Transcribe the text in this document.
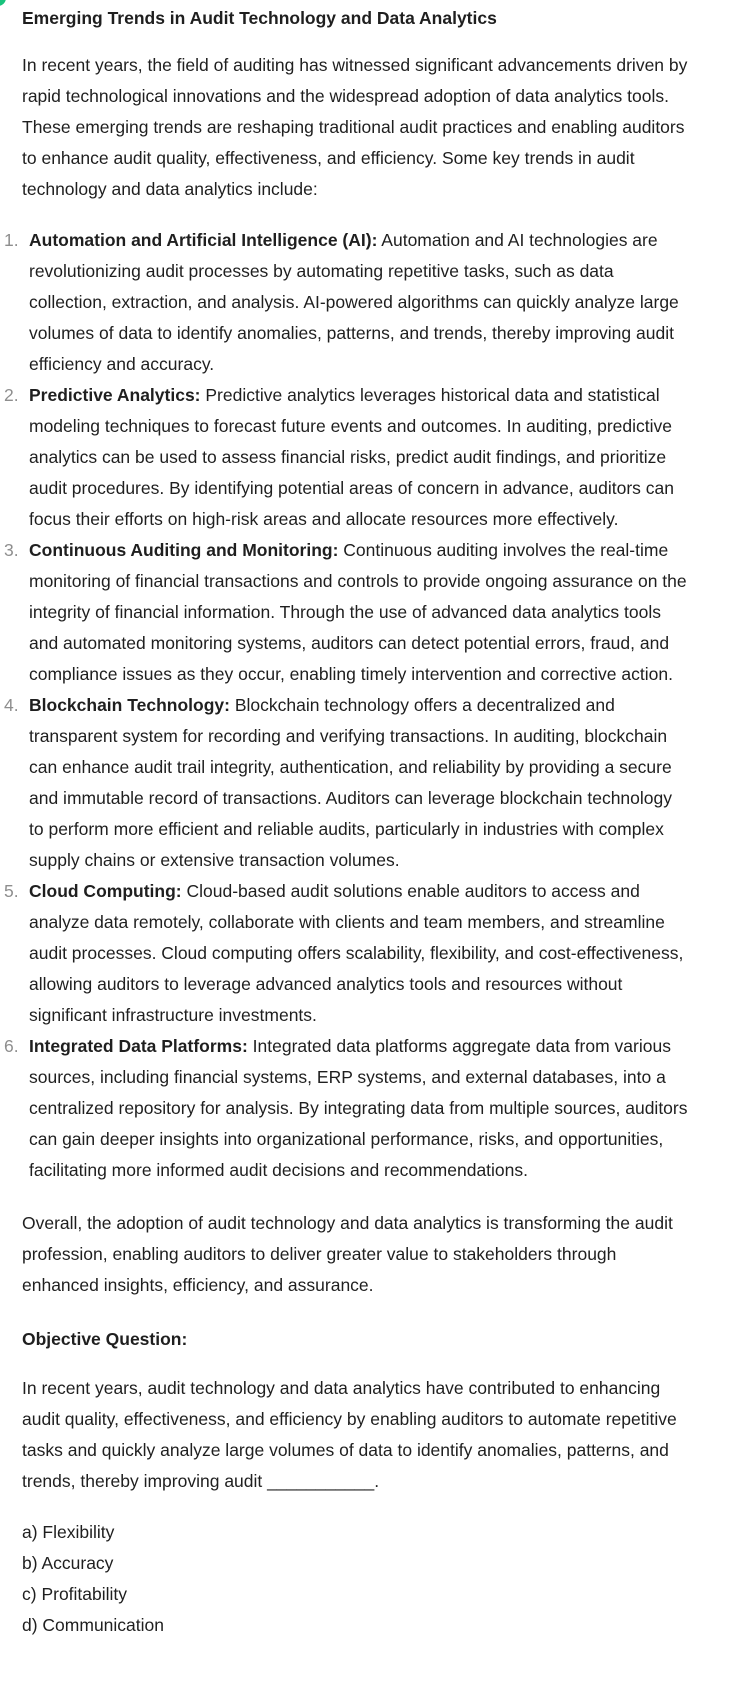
Emerging Trends in Audit Technology and Data Analytics

In recent years, the field of auditing has witnessed significant advancements driven by rapid technological innovations and the widespread adoption of data analytics tools. These emerging trends are reshaping traditional audit practices and enabling auditors to enhance audit quality, effectiveness, and efficiency. Some key trends in audit technology and data analytics include:

1. Automation and Artificial Intelligence (AI): Automation and AI technologies are revolutionizing audit processes by automating repetitive tasks, such as data collection, extraction, and analysis. AI-powered algorithms can quickly analyze large volumes of data to identify anomalies, patterns, and trends, thereby improving audit efficiency and accuracy.
2. Predictive Analytics: Predictive analytics leverages historical data and statistical modeling techniques to forecast future events and outcomes. In auditing, predictive analytics can be used to assess financial risks, predict audit findings, and prioritize audit procedures. By identifying potential areas of concern in advance, auditors can focus their efforts on high-risk areas and allocate resources more effectively.
3. Continuous Auditing and Monitoring: Continuous auditing involves the real-time monitoring of financial transactions and controls to provide ongoing assurance on the integrity of financial information. Through the use of advanced data analytics tools and automated monitoring systems, auditors can detect potential errors, fraud, and compliance issues as they occur, enabling timely intervention and corrective action.
4. Blockchain Technology: Blockchain technology offers a decentralized and transparent system for recording and verifying transactions. In auditing, blockchain can enhance audit trail integrity, authentication, and reliability by providing a secure and immutable record of transactions. Auditors can leverage blockchain technology to perform more efficient and reliable audits, particularly in industries with complex supply chains or extensive transaction volumes.
5. Cloud Computing: Cloud-based audit solutions enable auditors to access and analyze data remotely, collaborate with clients and team members, and streamline audit processes. Cloud computing offers scalability, flexibility, and cost-effectiveness, allowing auditors to leverage advanced analytics tools and resources without significant infrastructure investments.
6. Integrated Data Platforms: Integrated data platforms aggregate data from various sources, including financial systems, ERP systems, and external databases, into a centralized repository for analysis. By integrating data from multiple sources, auditors can gain deeper insights into organizational performance, risks, and opportunities, facilitating more informed audit decisions and recommendations.

Overall, the adoption of audit technology and data analytics is transforming the audit profession, enabling auditors to deliver greater value to stakeholders through enhanced insights, efficiency, and assurance.

Objective Question:

In recent years, audit technology and data analytics have contributed to enhancing audit quality, effectiveness, and efficiency by enabling auditors to automate repetitive tasks and quickly analyze large volumes of data to identify anomalies, patterns, and trends, thereby improving audit ___________.

a) Flexibility
b) Accuracy
c) Profitability
d) Communication
